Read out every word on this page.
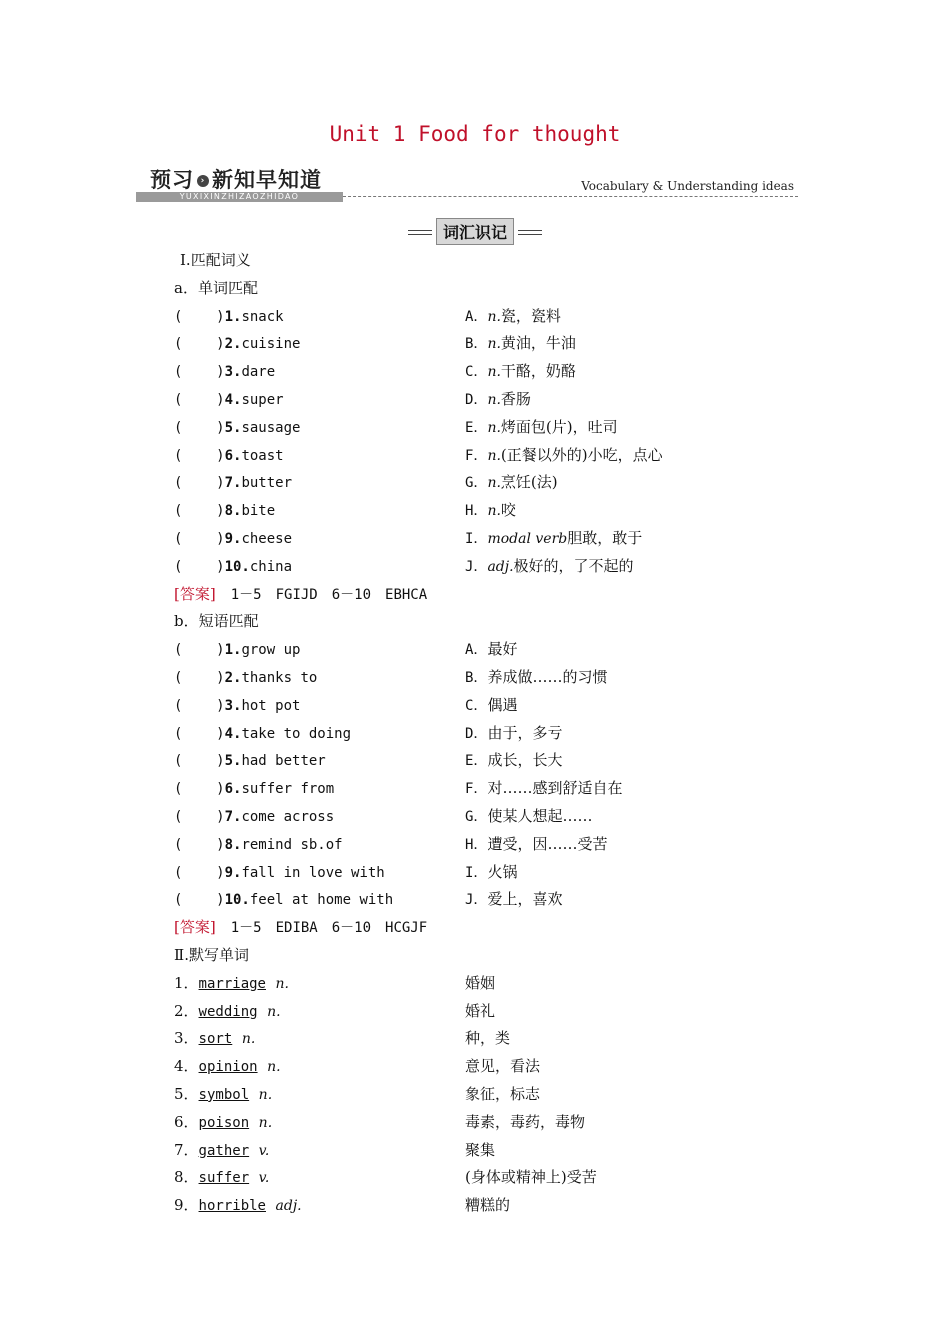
Unit 1 Food for thought
预习 › 新知早知道
YUXIXINZHIZAOZHIDAO
Vocabulary & Understanding ideas
词汇识记
Ⅰ.匹配词义
a．单词匹配
(    )1.snack	A．n.瓷，瓷料
(    )2.cuisine	B．n.黄油，牛油
(    )3.dare	C．n.干酪，奶酪
(    )4.super	D．n.香肠
(    )5.sausage	E．n.烤面包(片)，吐司
(    )6.toast	F．n.(正餐以外的)小吃，点心
(    )7.butter	G．n.烹饪(法)
(    )8.bite	H．n.咬
(    )9.cheese	I．modal verb胆敢，敢于
(    )10.china	J．adj.极好的，了不起的
[答案]　 1－5　FGIJD　6－10　EBHCA
b．短语匹配
(    )1.grow up	A．最好
(    )2.thanks to	B．养成做……的习惯
(    )3.hot pot	C．偶遇
(    )4.take to doing	D．由于，多亏
(    )5.had better	E．成长，长大
(    )6.suffer from	F．对……感到舒适自在
(    )7.come across	G．使某人想起……
(    )8.remind sb.of	H．遭受，因……受苦
(    )9.fall in love with	I．火锅
(    )10.feel at home with	J．爱上，喜欢
[答案]　 1－5　EDIBA　6－10　HCGJF
Ⅱ.默写单词
1．marriage n.	婚姻
2．wedding n.	婚礼
3．sort n.	种，类
4．opinion n.	意见，看法
5．symbol n.	象征，标志
6．poison n.	毒素，毒药，毒物
7．gather v.	聚集
8．suffer v.	(身体或精神上)受苦
9．horrible adj.	糟糕的
